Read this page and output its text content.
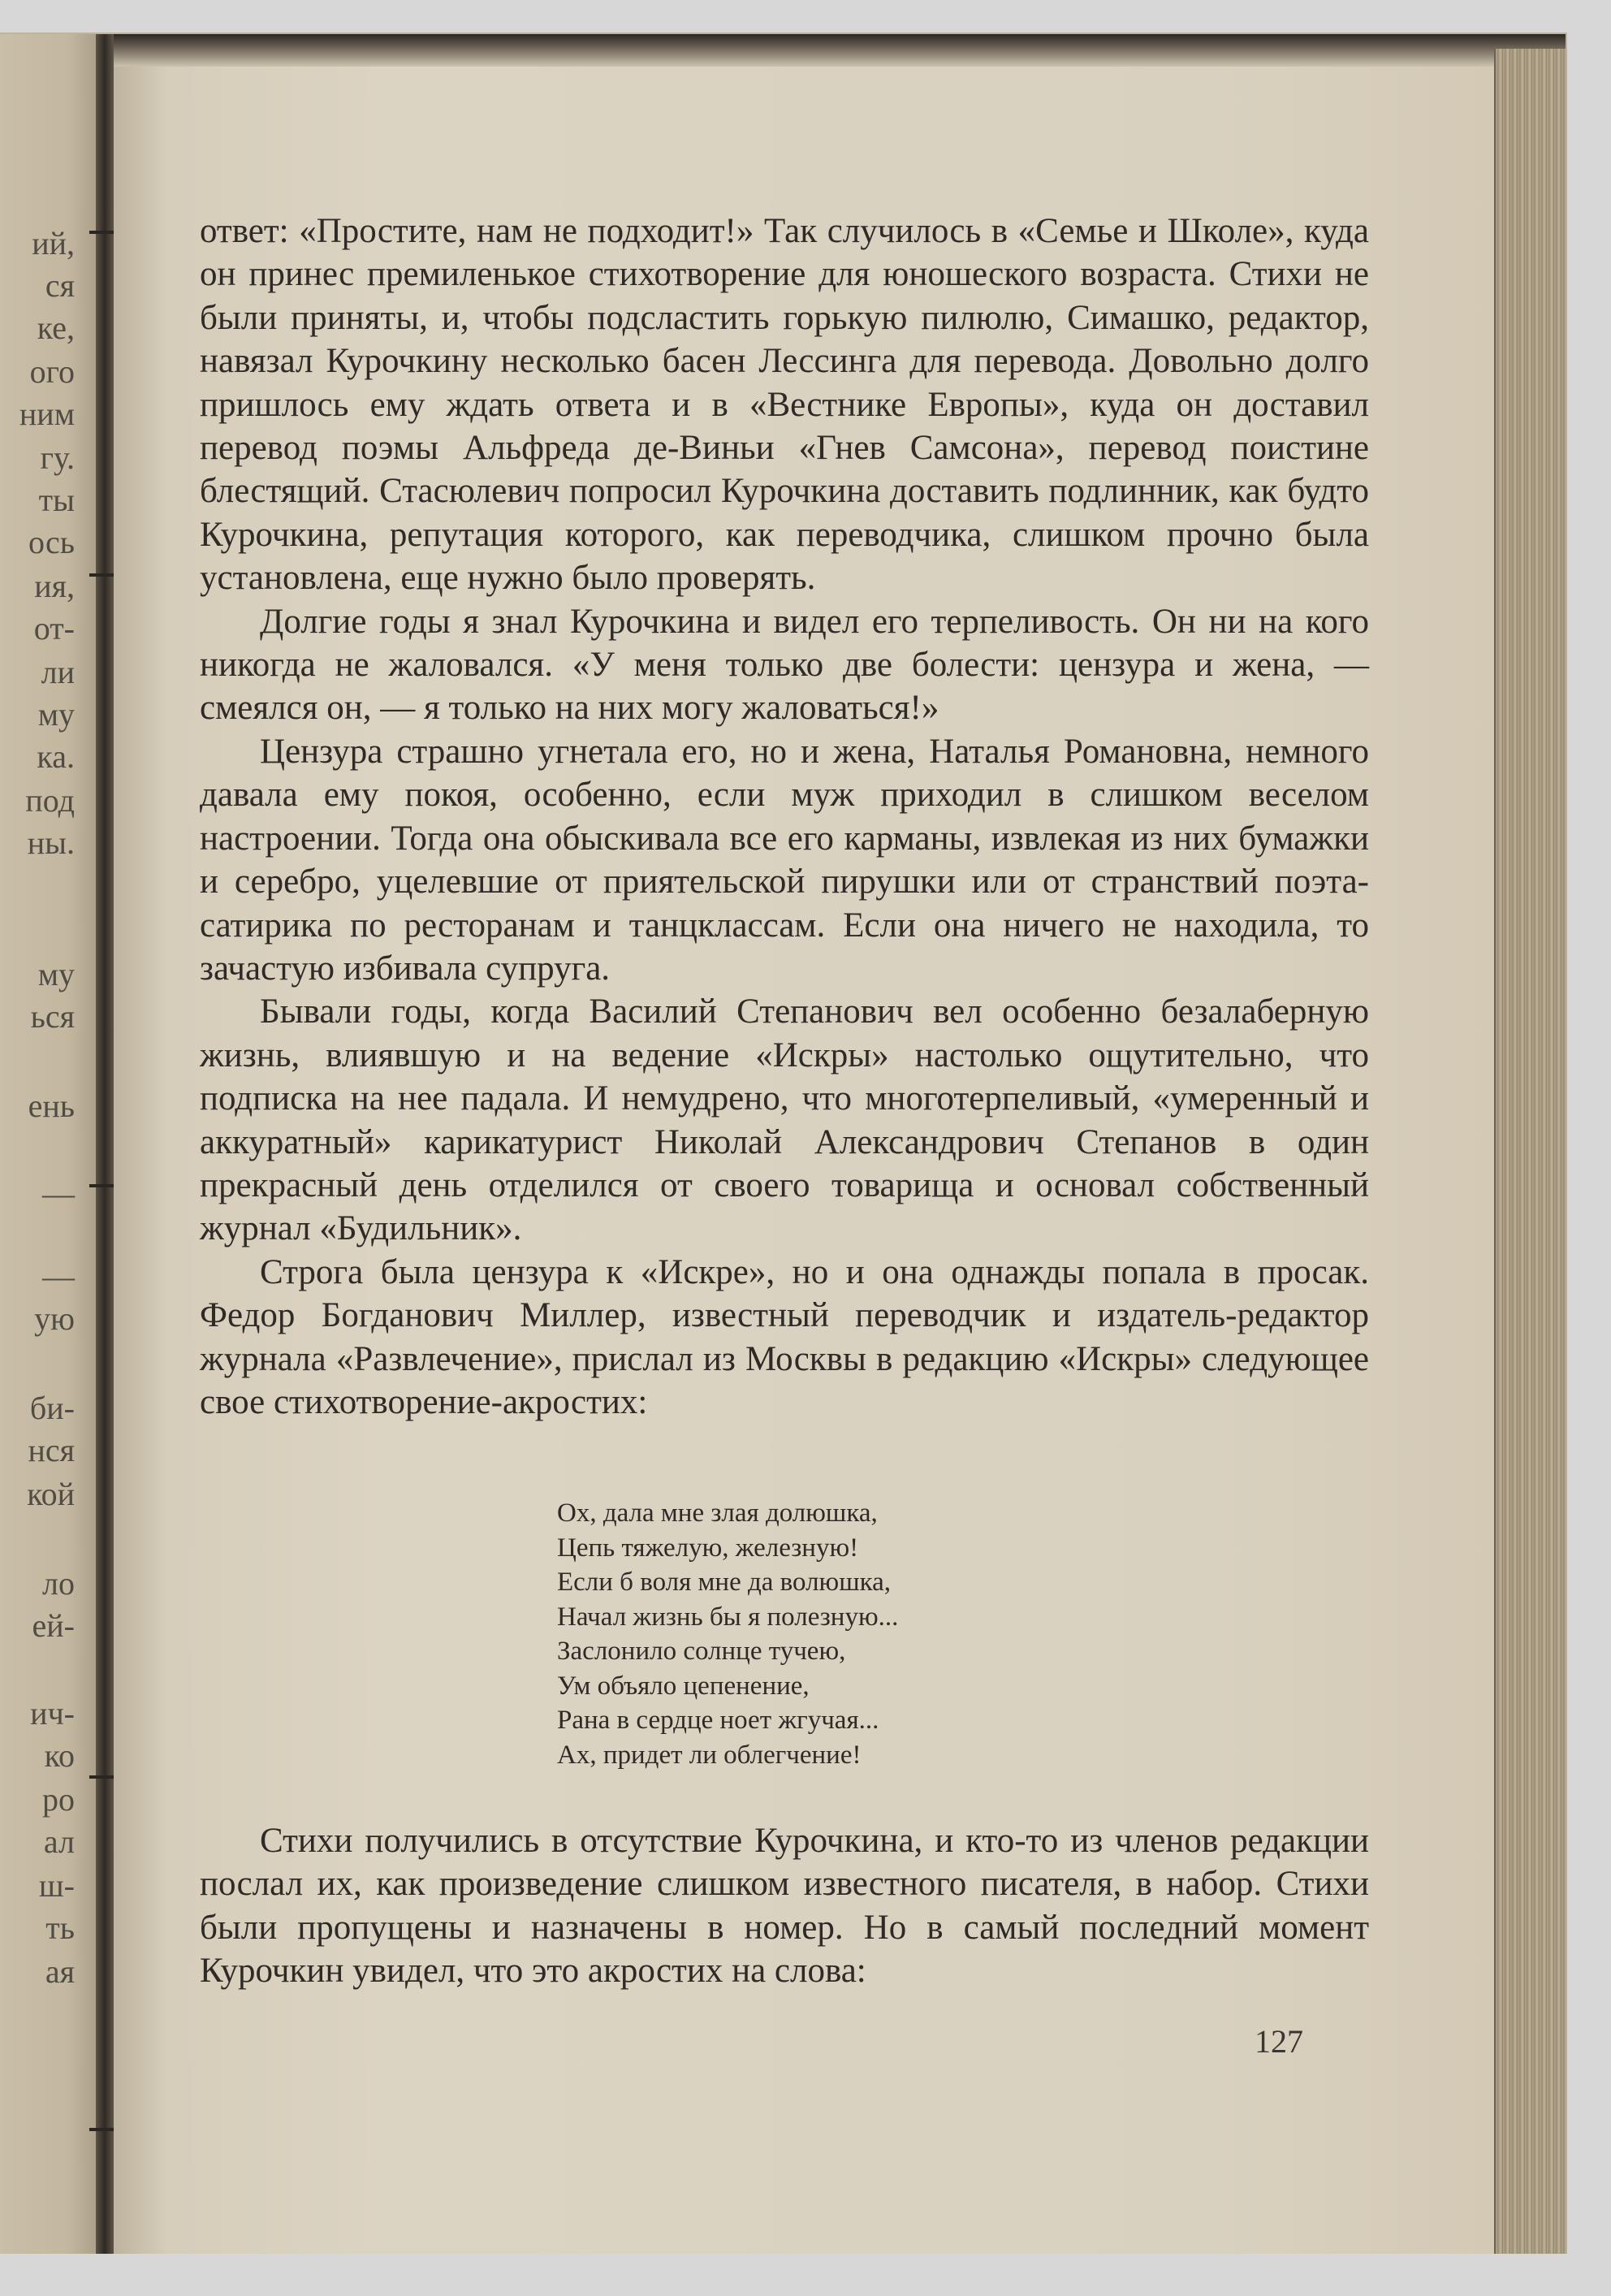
ий,
ся
ке,
ого
ним
гу.
ты
ось
ия,
от-
ли
му
ка.
под
ны.
му
ься
ень
—
—
ую
би-
нся
кой
ло
ей-
ич-
ко
ро
ал
ш-
ть
ая

ответ: «Простите, нам не подходит!» Так случилось в «Семье и Школе», куда он принес премиленькое стихотворение для юношеского возраста. Стихи не были приняты, и, чтобы подсластить горькую пилюлю, Симашко, редактор, навязал Курочкину несколько басен Лессинга для перевода. Довольно долго пришлось ему ждать ответа и в «Вестнике Европы», куда он доставил перевод поэмы Альфреда де-Виньи «Гнев Самсона», перевод поистине блестящий. Стасюлевич попросил Курочкина доставить подлинник, как будто Курочкина, репутация которого, как переводчика, слишком прочно была установлена, еще нужно было проверять.

Долгие годы я знал Курочкина и видел его терпеливость. Он ни на кого никогда не жаловался. «У меня только две болести: цензура и жена, — смеялся он, — я только на них могу жаловаться!»

Цензура страшно угнетала его, но и жена, Наталья Романовна, немного давала ему покоя, особенно, если муж приходил в слишком веселом настроении. Тогда она обыскивала все его карманы, извлекая из них бумажки и серебро, уцелевшие от приятельской пирушки или от странствий поэта-сатирика по ресторанам и танцклассам. Если она ничего не находила, то зачастую избивала супруга.

Бывали годы, когда Василий Степанович вел особенно безалаберную жизнь, влиявшую и на ведение «Искры» настолько ощутительно, что подписка на нее падала. И немудрено, что многотерпеливый, «умеренный и аккуратный» карикатурист Николай Александрович Степанов в один прекрасный день отделился от своего товарища и основал собственный журнал «Будильник».

Строга была цензура к «Искре», но и она однажды попала в просак. Федор Богданович Миллер, известный переводчик и издатель-редактор журнала «Развлечение», прислал из Москвы в редакцию «Искры» следующее свое стихотворение-акростих:

Ох, дала мне злая долюшка,
Цепь тяжелую, железную!
Если б воля мне да волюшка,
Начал жизнь бы я полезную...
Заслонило солнце тучею,
Ум объяло цепенение,
Рана в сердце ноет жгучая...
Ах, придет ли облегчение!

Стихи получились в отсутствие Курочкина, и кто-то из членов редакции послал их, как произведение слишком известного писателя, в набор. Стихи были пропущены и назначены в номер. Но в самый последний момент Курочкин увидел, что это акростих на слова:

127
